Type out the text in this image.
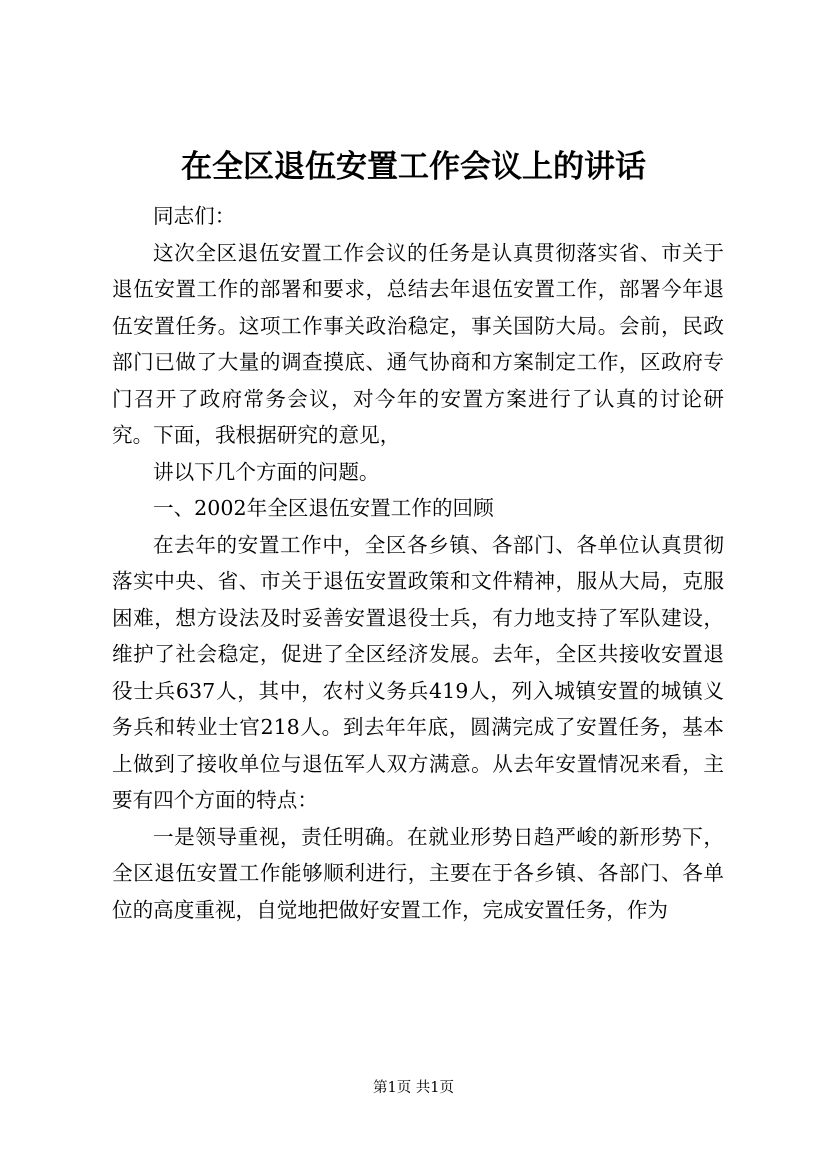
在全区退伍安置工作会议上的讲话

同志们：

这次全区退伍安置工作会议的任务是认真贯彻落实省、市关于退伍安置工作的部署和要求，总结去年退伍安置工作，部署今年退伍安置任务。这项工作事关政治稳定，事关国防大局。会前，民政部门已做了大量的调查摸底、通气协商和方案制定工作，区政府专门召开了政府常务会议，对今年的安置方案进行了认真的讨论研究。下面，我根据研究的意见，

讲以下几个方面的问题。

一、2002年全区退伍安置工作的回顾

在去年的安置工作中，全区各乡镇、各部门、各单位认真贯彻落实中央、省、市关于退伍安置政策和文件精神，服从大局，克服困难，想方设法及时妥善安置退役士兵，有力地支持了军队建设，维护了社会稳定，促进了全区经济发展。去年，全区共接收安置退役士兵637人，其中，农村义务兵419人，列入城镇安置的城镇义务兵和转业士官218人。到去年年底，圆满完成了安置任务，基本上做到了接收单位与退伍军人双方满意。从去年安置情况来看，主要有四个方面的特点：

一是领导重视，责任明确。在就业形势日趋严峻的新形势下，全区退伍安置工作能够顺利进行，主要在于各乡镇、各部门、各单位的高度重视，自觉地把做好安置工作，完成安置任务，作为

第1页 共1页
